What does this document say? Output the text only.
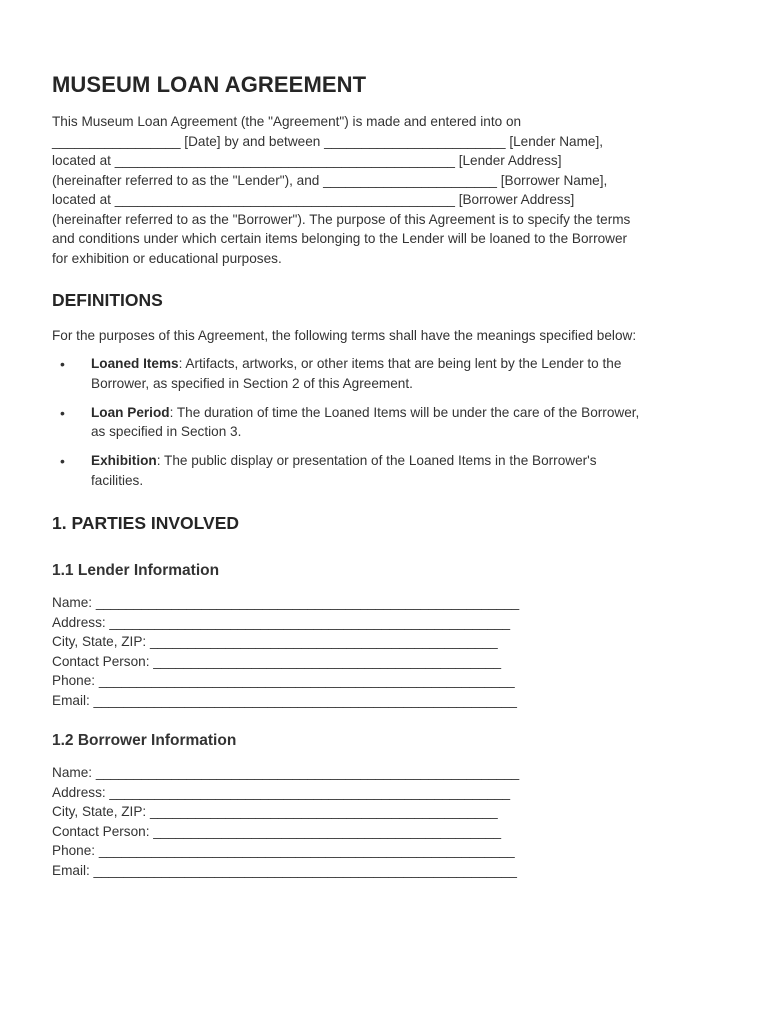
MUSEUM LOAN AGREEMENT

This Museum Loan Agreement (the "Agreement") is made and entered into on
_________________ [Date] by and between ________________________ [Lender Name],
located at _____________________________________________ [Lender Address]
(hereinafter referred to as the "Lender"), and _______________________ [Borrower Name],
located at _____________________________________________ [Borrower Address]
(hereinafter referred to as the "Borrower"). The purpose of this Agreement is to specify the terms
and conditions under which certain items belonging to the Lender will be loaned to the Borrower
for exhibition or educational purposes.

DEFINITIONS

For the purposes of this Agreement, the following terms shall have the meanings specified below:

• Loaned Items: Artifacts, artworks, or other items that are being lent by the Lender to the
Borrower, as specified in Section 2 of this Agreement.
• Loan Period: The duration of time the Loaned Items will be under the care of the Borrower,
as specified in Section 3.
• Exhibition: The public display or presentation of the Loaned Items in the Borrower's
facilities.
1. PARTIES INVOLVED
1.1 Lender Information
Name: ________________________________________________________
Address: _____________________________________________________
City, State, ZIP: ______________________________________________
Contact Person: ______________________________________________
Phone: _______________________________________________________
Email: ________________________________________________________
1.2 Borrower Information
Name: ________________________________________________________
Address: _____________________________________________________
City, State, ZIP: ______________________________________________
Contact Person: ______________________________________________
Phone: _______________________________________________________
Email: ________________________________________________________
